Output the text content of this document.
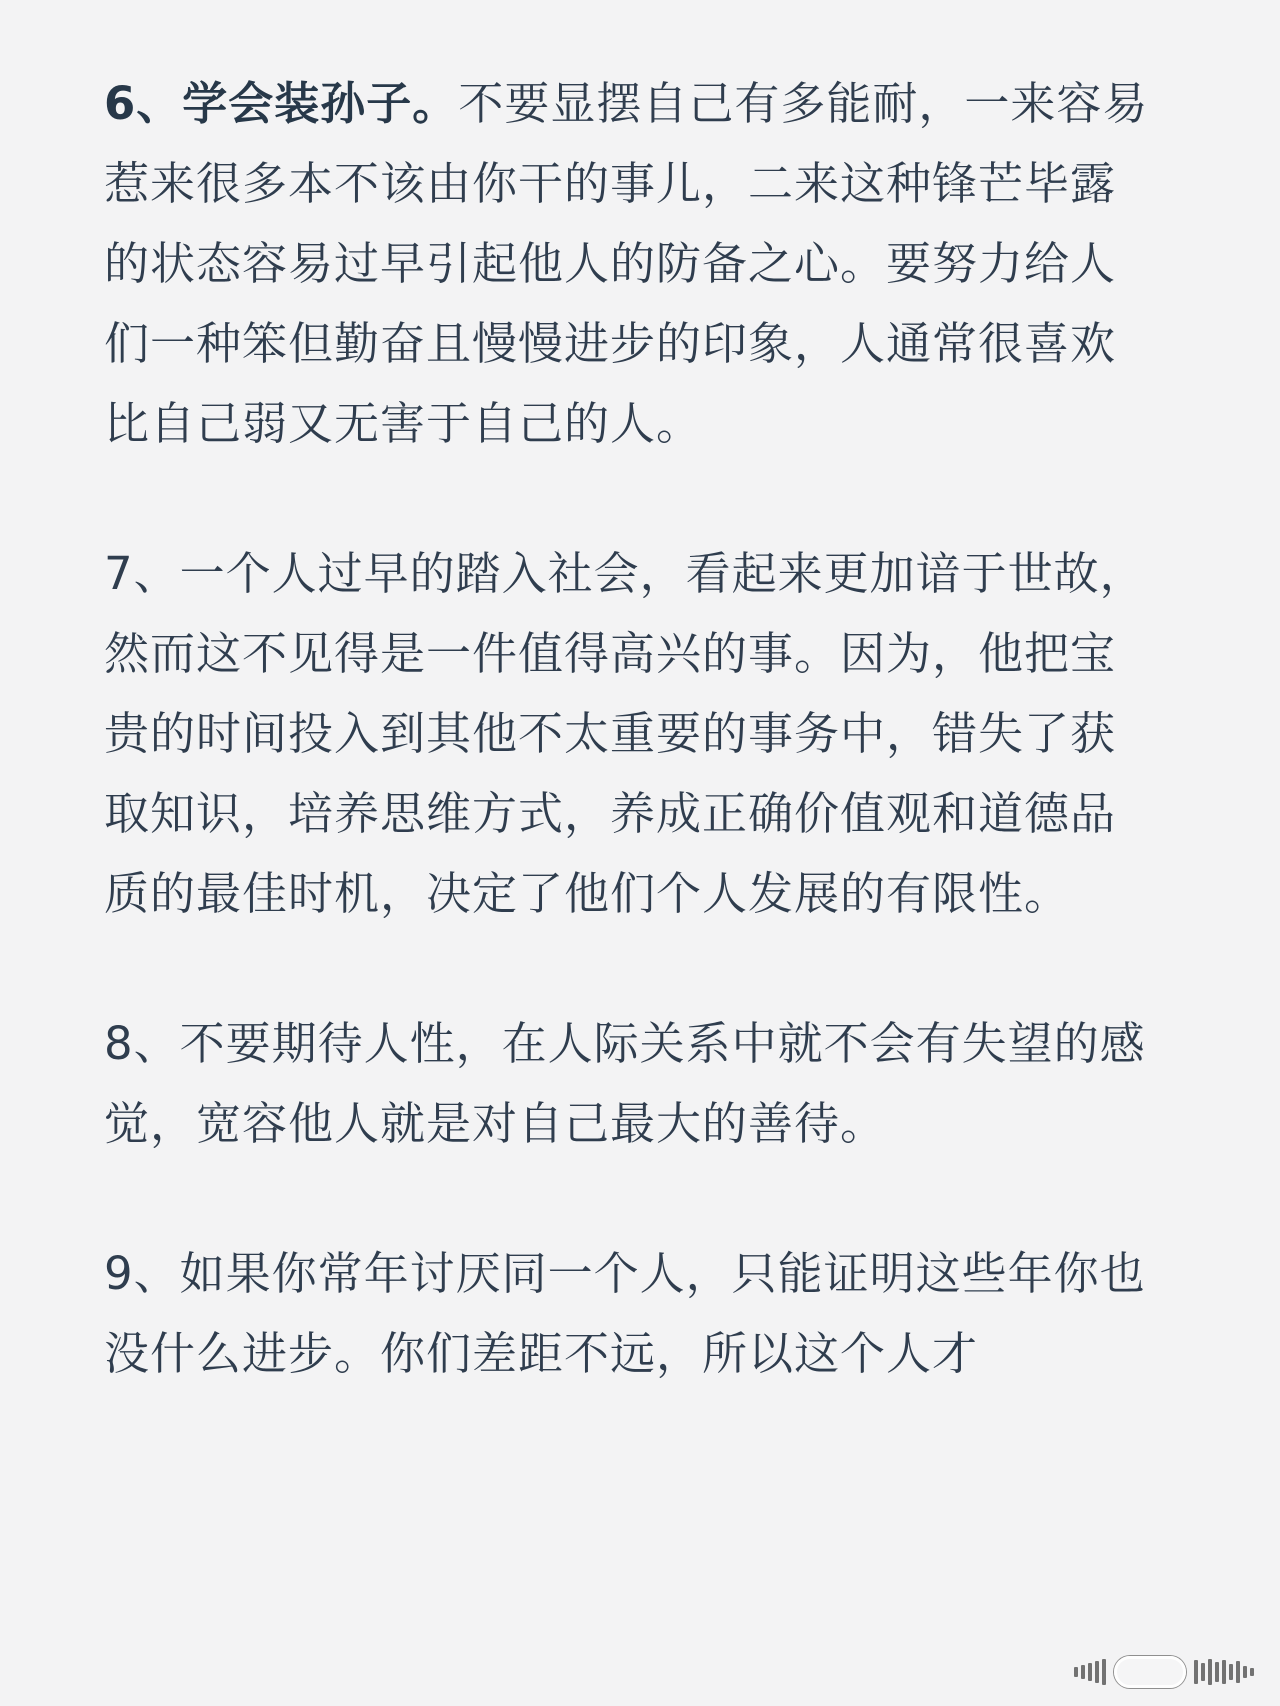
6、学会装孙子。不要显摆自己有多能耐，一来容易惹来很多本不该由你干的事儿，二来这种锋芒毕露的状态容易过早引起他人的防备之心。要努力给人们一种笨但勤奋且慢慢进步的印象，人通常很喜欢比自己弱又无害于自己的人。

7、一个人过早的踏入社会，看起来更加谙于世故，然而这不见得是一件值得高兴的事。因为，他把宝贵的时间投入到其他不太重要的事务中，错失了获取知识，培养思维方式，养成正确价值观和道德品质的最佳时机，决定了他们个人发展的有限性。

8、不要期待人性，在人际关系中就不会有失望的感觉，宽容他人就是对自己最大的善待。

9、如果你常年讨厌同一个人，只能证明这些年你也没什么进步。你们差距不远，所以这个人才
